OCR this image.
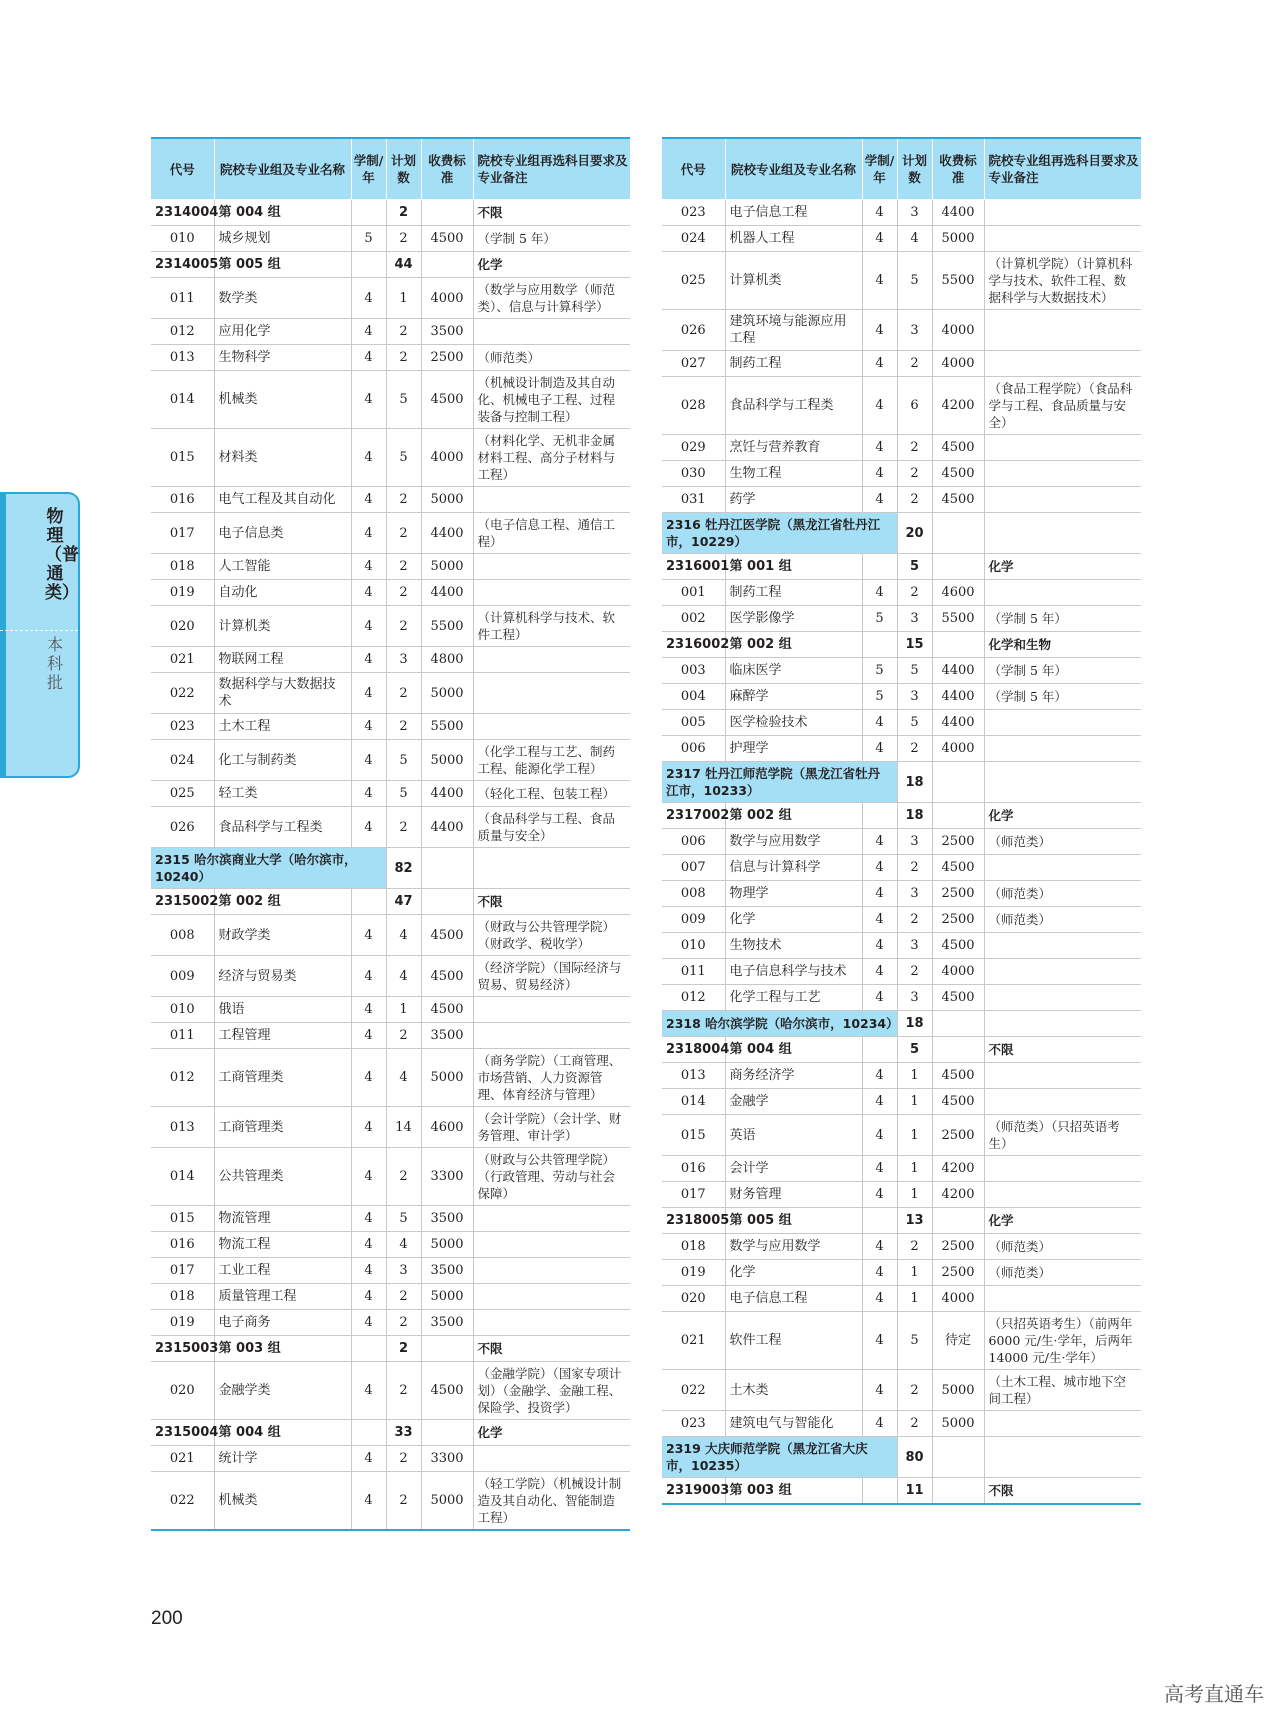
物理（普通类）
本科批
代号	院校专业组及专业名称	学制/年	计划数	收费标准	院校专业组再选科目要求及专业备注
2314004	第 004 组		2		不限
010	城乡规划	5	2	4500	（学制 5 年）
2314005	第 005 组		44		化学
011	数学类	4	1	4000	（数学与应用数学（师范类）、信息与计算科学）
012	应用化学	4	2	3500	
013	生物科学	4	2	2500	（师范类）
014	机械类	4	5	4500	（机械设计制造及其自动化、机械电子工程、过程装备与控制工程）
015	材料类	4	5	4000	（材料化学、无机非金属材料工程、高分子材料与工程）
016	电气工程及其自动化	4	2	5000	
017	电子信息类	4	2	4400	（电子信息工程、通信工程）
018	人工智能	4	2	5000	
019	自动化	4	2	4400	
020	计算机类	4	2	5500	（计算机科学与技术、软件工程）
021	物联网工程	4	3	4800	
022	数据科学与大数据技术	4	2	5000	
023	土木工程	4	2	5500	
024	化工与制药类	4	5	5000	（化学工程与工艺、制药工程、能源化学工程）
025	轻工类	4	5	4400	（轻化工程、包装工程）
026	食品科学与工程类	4	2	4400	（食品科学与工程、食品质量与安全）
2315 哈尔滨商业大学（哈尔滨市，10240）			82		
2315002	第 002 组		47		不限
008	财政学类	4	4	4500	（财政与公共管理学院）（财政学、税收学）
009	经济与贸易类	4	4	4500	（经济学院）（国际经济与贸易、贸易经济）
010	俄语	4	1	4500	
011	工程管理	4	2	3500	
012	工商管理类	4	4	5000	（商务学院）（工商管理、市场营销、人力资源管理、体育经济与管理）
013	工商管理类	4	14	4600	（会计学院）（会计学、财务管理、审计学）
014	公共管理类	4	2	3300	（财政与公共管理学院）（行政管理、劳动与社会保障）
015	物流管理	4	5	3500	
016	物流工程	4	4	5000	
017	工业工程	4	3	3500	
018	质量管理工程	4	2	5000	
019	电子商务	4	2	3500	
2315003	第 003 组		2		不限
020	金融学类	4	2	4500	（金融学院）（国家专项计划）（金融学、金融工程、保险学、投资学）
2315004	第 004 组		33		化学
021	统计学	4	2	3300	
022	机械类	4	2	5000	（轻工学院）（机械设计制造及其自动化、智能制造工程）
代号	院校专业组及专业名称	学制/年	计划数	收费标准	院校专业组再选科目要求及专业备注
023	电子信息工程	4	3	4400	
024	机器人工程	4	4	5000	
025	计算机类	4	5	5500	（计算机学院）（计算机科学与技术、软件工程、数据科学与大数据技术）
026	建筑环境与能源应用工程	4	3	4000	
027	制药工程	4	2	4000	
028	食品科学与工程类	4	6	4200	（食品工程学院）（食品科学与工程、食品质量与安全）
029	烹饪与营养教育	4	2	4500	
030	生物工程	4	2	4500	
031	药学	4	2	4500	
2316 牡丹江医学院（黑龙江省牡丹江市，10229）			20		
2316001	第 001 组		5		化学
001	制药工程	4	2	4600	
002	医学影像学	5	3	5500	（学制 5 年）
2316002	第 002 组		15		化学和生物
003	临床医学	5	5	4400	（学制 5 年）
004	麻醉学	5	3	4400	（学制 5 年）
005	医学检验技术	4	5	4400	
006	护理学	4	2	4000	
2317 牡丹江师范学院（黑龙江省牡丹江市，10233）			18		
2317002	第 002 组		18		化学
006	数学与应用数学	4	3	2500	（师范类）
007	信息与计算科学	4	2	4500	
008	物理学	4	3	2500	（师范类）
009	化学	4	2	2500	（师范类）
010	生物技术	4	3	4500	
011	电子信息科学与技术	4	2	4000	
012	化学工程与工艺	4	3	4500	
2318 哈尔滨学院（哈尔滨市，10234）			18		
2318004	第 004 组		5		不限
013	商务经济学	4	1	4500	
014	金融学	4	1	4500	
015	英语	4	1	2500	（师范类）（只招英语考生）
016	会计学	4	1	4200	
017	财务管理	4	1	4200	
2318005	第 005 组		13		化学
018	数学与应用数学	4	2	2500	（师范类）
019	化学	4	1	2500	（师范类）
020	电子信息工程	4	1	4000	
021	软件工程	4	5	待定	（只招英语考生）（前两年 6000 元/生·学年，后两年 14000 元/生·学年）
022	土木类	4	2	5000	（土木工程、城市地下空间工程）
023	建筑电气与智能化	4	2	5000	
2319 大庆师范学院（黑龙江省大庆市，10235）			80		
2319003	第 003 组		11		不限
200
高考直通车
